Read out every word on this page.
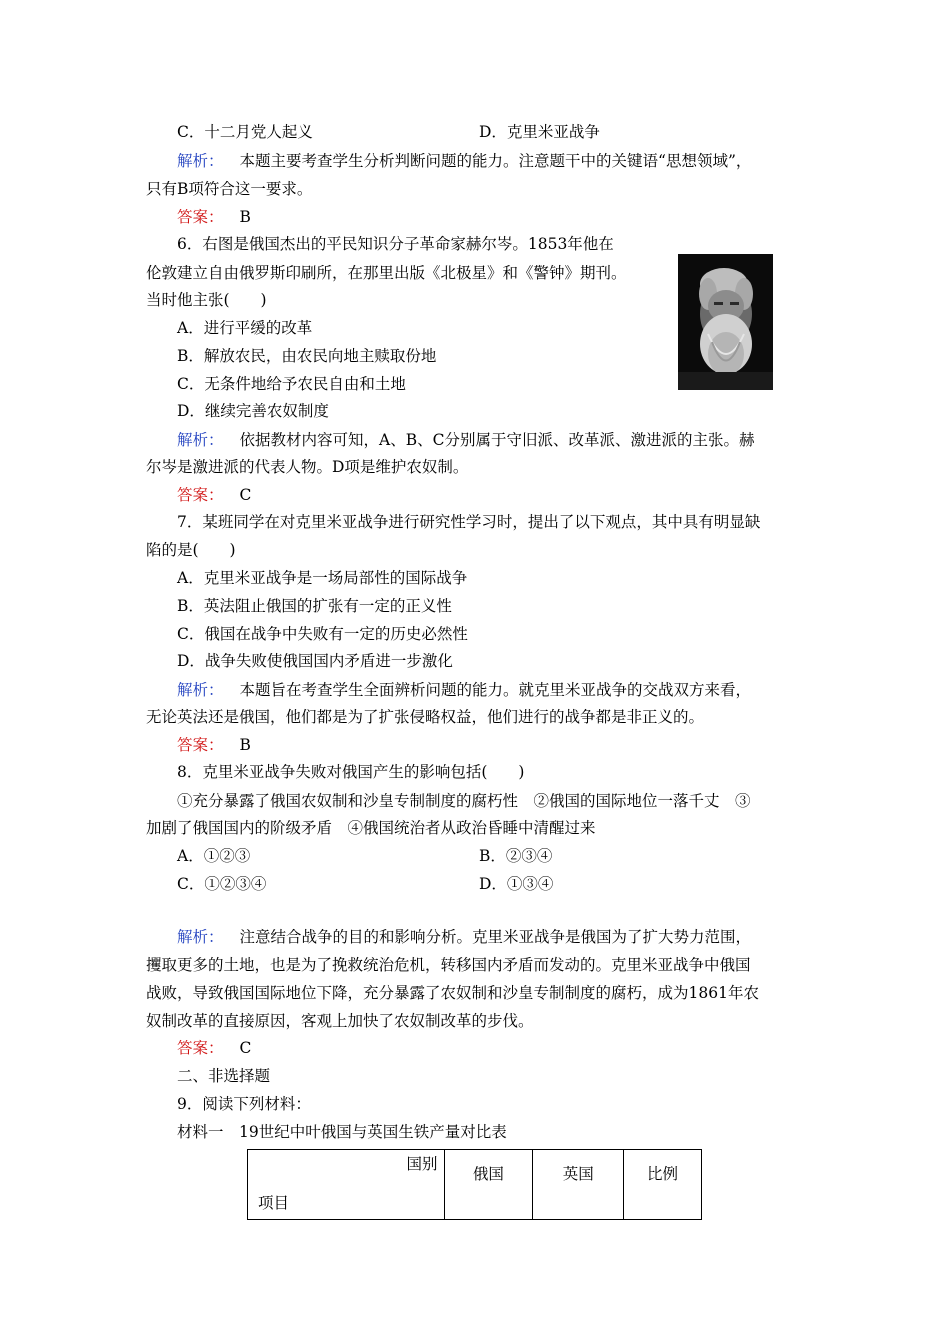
C．十二月党人起义	D．克里米亚战争
解析： 本题主要考查学生分析判断问题的能力。注意题干中的关键语“思想领域”，
只有B项符合这一要求。
答案： B
6．右图是俄国杰出的平民知识分子革命家赫尔岑。1853年他在
伦敦建立自由俄罗斯印刷所，在那里出版《北极星》和《警钟》期刊。
当时他主张(　　)
A．进行平缓的改革
B．解放农民，由农民向地主赎取份地
C．无条件地给予农民自由和土地
D．继续完善农奴制度
解析： 依据教材内容可知，A、B、C分别属于守旧派、改革派、激进派的主张。赫
尔岑是激进派的代表人物。D项是维护农奴制。
答案： C
7．某班同学在对克里米亚战争进行研究性学习时，提出了以下观点，其中具有明显缺
陷的是(　　)
A．克里米亚战争是一场局部性的国际战争
B．英法阻止俄国的扩张有一定的正义性
C．俄国在战争中失败有一定的历史必然性
D．战争失败使俄国国内矛盾进一步激化
解析： 本题旨在考查学生全面辨析问题的能力。就克里米亚战争的交战双方来看，
无论英法还是俄国，他们都是为了扩张侵略权益，他们进行的战争都是非正义的。
答案： B
8．克里米亚战争失败对俄国产生的影响包括(　　)
①充分暴露了俄国农奴制和沙皇专制制度的腐朽性　②俄国的国际地位一落千丈　③
加剧了俄国国内的阶级矛盾　④俄国统治者从政治昏睡中清醒过来
A．①②③	B．②③④
C．①②③④	D．①③④
解析： 注意结合战争的目的和影响分析。克里米亚战争是俄国为了扩大势力范围，
攫取更多的土地，也是为了挽救统治危机，转移国内矛盾而发动的。克里米亚战争中俄国
战败，导致俄国国际地位下降，充分暴露了农奴制和沙皇专制制度的腐朽，成为1861年农
奴制改革的直接原因，客观上加快了农奴制改革的步伐。
答案： C
二、非选择题
9．阅读下列材料：
材料一　19世纪中叶俄国与英国生铁产量对比表
国别
项目
	俄国	英国	比例
